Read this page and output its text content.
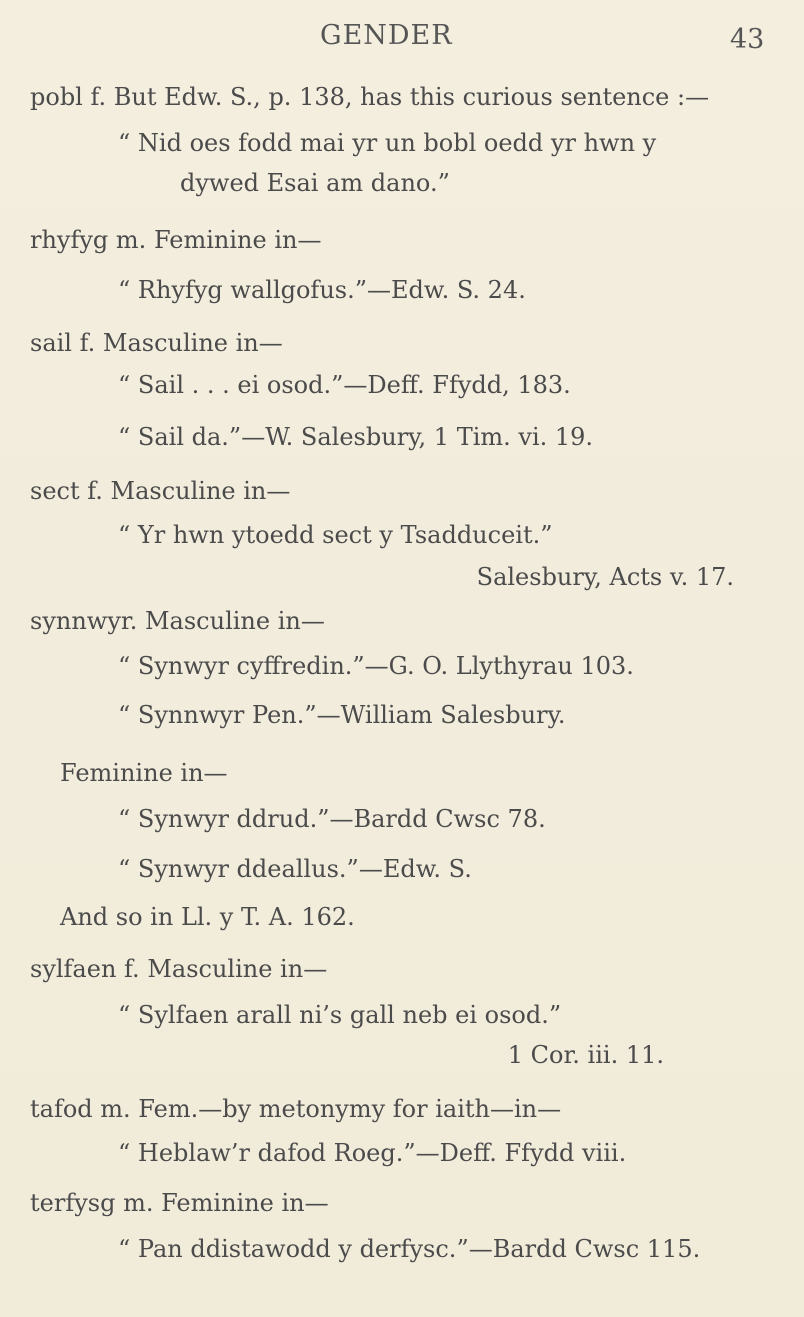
GENDER	43
pobl f. But Edw. S., p. 138, has this curious sentence :—
“ Nid oes fodd mai yr un bobl oedd yr hwn y
dywed Esai am dano.”
rhyfyg m. Feminine in—
“ Rhyfyg wallgofus.”—Edw. S. 24.
sail f. Masculine in—
“ Sail . . . ei osod.”—Deff. Ffydd, 183.
“ Sail da.”—W. Salesbury, 1 Tim. vi. 19.
sect f. Masculine in—
“ Yr hwn ytoedd sect y Tsadduceit.”
Salesbury, Acts v. 17.
synnwyr. Masculine in—
“ Synwyr cyffredin.”—G. O. Llythyrau 103.
“ Synnwyr Pen.”—William Salesbury.
Feminine in—
“ Synwyr ddrud.”—Bardd Cwsc 78.
“ Synwyr ddeallus.”—Edw. S.
And so in Ll. y T. A. 162.
sylfaen f. Masculine in—
“ Sylfaen arall ni’s gall neb ei osod.”
1 Cor. iii. 11.
tafod m. Fem.—by metonymy for iaith—in—
“ Heblaw’r dafod Roeg.”—Deff. Ffydd viii.
terfysg m. Feminine in—
“ Pan ddistawodd y derfysc.”—Bardd Cwsc 115.
